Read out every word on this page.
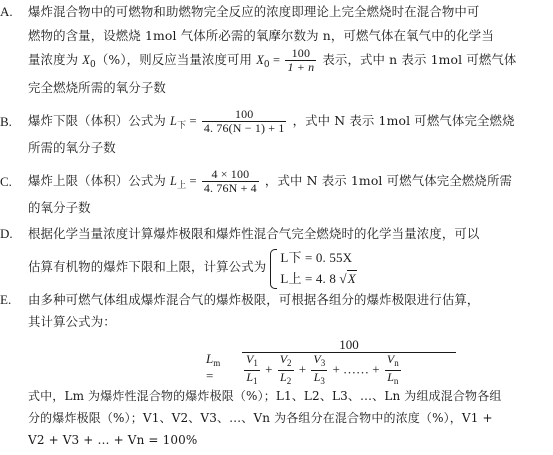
A.	爆炸混合物中的可燃物和助燃物完全反应的浓度即理论上完全燃烧时在混合物中可
燃物的含量，设燃烧 1mol 气体所必需的氧摩尔数为 n，可燃气体在氧气中的化学当
量浓度为 $X_0(\%)$，则反应当量浓度可用 $X_0 = \frac{100}{1 + n}$ 表示，式中 n 表示 1mol 可燃气体
完全燃烧所需的氧分子数
B.	爆炸下限（体积）公式为 $L_下 = \frac{100}{4. 76(N - 1) + 1}$ ，式中 N 表示 1mol 可燃气体完全燃烧
所需的氧分子数
C.	爆炸上限（体积）公式为 $L_上 = \frac{4 \times 100}{4. 76N + 4}$ ，式中 N 表示 1mol 可燃气体完全燃烧所需
的氧分子数
D.	根据化学当量浓度计算爆炸极限和爆炸性混合气完全燃烧时的化学当量浓度，可以
估算有机物的爆炸下限和上限，计算公式为
L下 = 0. 55X
L上 = 4. 8 √X
E.	由多种可燃气体组成爆炸混合气的爆炸极限，可根据各组分的爆炸极限进行估算，
其计算公式为：
$L_m$ =
100
$\frac{V_1}{L_1} + \frac{V_2}{L_2} + \frac{V_3}{L_3}$ + …… + $\frac{V_n}{L_n}$
式中，Lm 为爆炸性混合物的爆炸极限（%）；L1、L2、L3、…、Ln 为组成混合物各组
分的爆炸极限（%）；V1、V2、V3、…、Vn 为各组分在混合物中的浓度（%），V1 +
V2 + V3 + … + Vn = 100%
